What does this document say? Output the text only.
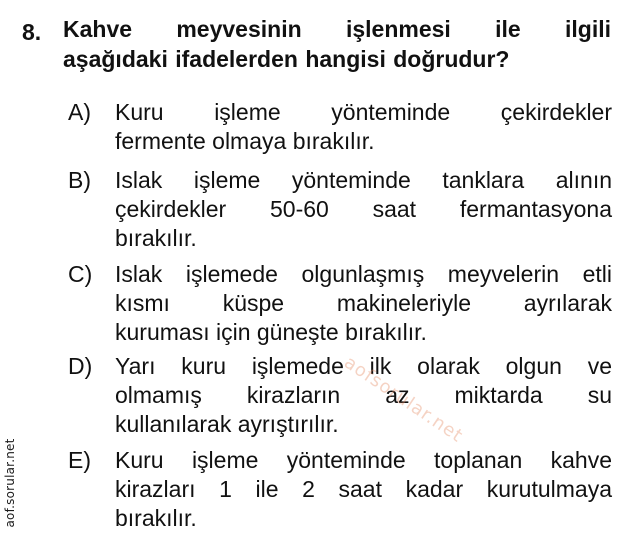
8. Kahve meyvesinin işlenmesi ile ilgili
aşağıdaki ifadelerden hangisi doğrudur?
A)	Kuru işleme yönteminde çekirdekler
fermente olmaya bırakılır.
B)	Islak işleme yönteminde tanklara alının
çekirdekler 50-60 saat fermantasyona
bırakılır.
C) Islak işlemede olgunlaşmış meyvelerin etli
kısmı küspe makineleriyle ayrılarak
kuruması için güneşte bırakılır.
D) Yarı kuru işlemede ilk olarak olgun ve
olmamış kirazların az miktarda su
kullanılarak ayrıştırılır.
E)	Kuru işleme yönteminde toplanan kahve
kirazları 1 ile 2 saat kadar kurutulmaya
bırakılır.
aofsorular.net
aof.sorular.net
